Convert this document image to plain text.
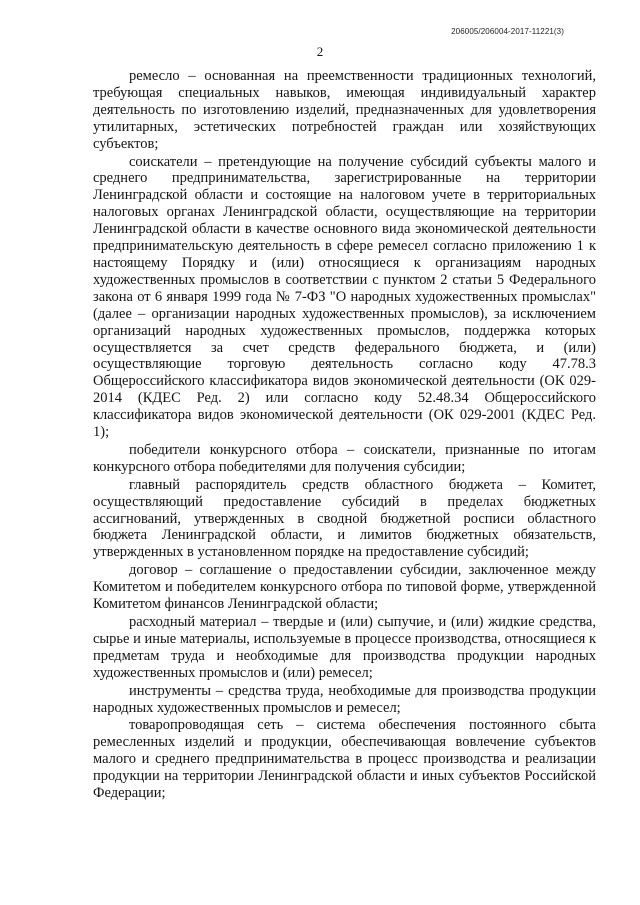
206005/206004-2017-11221(3)
2

ремесло – основанная на преемственности традиционных технологий, требующая специальных навыков, имеющая индивидуальный характер деятельность по изготовлению изделий, предназначенных для удовлетворения утилитарных, эстетических потребностей граждан или хозяйствующих субъектов;

соискатели – претендующие на получение субсидий субъекты малого и среднего предпринимательства, зарегистрированные на территории Ленинградской области и состоящие на налоговом учете в территориальных налоговых органах Ленинградской области, осуществляющие на территории Ленинградской области в качестве основного вида экономической деятельности предпринимательскую деятельность в сфере ремесел согласно приложению 1 к настоящему Порядку и (или) относящиеся к организациям народных художественных промыслов в соответствии с пунктом 2 статьи 5 Федерального закона от 6 января 1999 года № 7-ФЗ "О народных художественных промыслах" (далее – организации народных художественных промыслов), за исключением организаций народных художественных промыслов, поддержка которых осуществляется за счет средств федерального бюджета, и (или) осуществляющие торговую деятельность согласно коду 47.78.3 Общероссийского классификатора видов экономической деятельности (ОК 029-2014 (КДЕС Ред. 2) или согласно коду 52.48.34 Общероссийского классификатора видов экономической деятельности (ОК 029-2001 (КДЕС Ред. 1);

победители конкурсного отбора – соискатели, признанные по итогам конкурсного отбора победителями для получения субсидии;

главный распорядитель средств областного бюджета – Комитет, осуществляющий предоставление субсидий в пределах бюджетных ассигнований, утвержденных в сводной бюджетной росписи областного бюджета Ленинградской области, и лимитов бюджетных обязательств, утвержденных в установленном порядке на предоставление субсидий;

договор – соглашение о предоставлении субсидии, заключенное между Комитетом и победителем конкурсного отбора по типовой форме, утвержденной Комитетом финансов Ленинградской области;

расходный материал – твердые и (или) сыпучие, и (или) жидкие средства, сырье и иные материалы, используемые в процессе производства, относящиеся к предметам труда и необходимые для производства продукции народных художественных промыслов и (или) ремесел;

инструменты – средства труда, необходимые для производства продукции народных художественных промыслов и ремесел;

товаропроводящая сеть – система обеспечения постоянного сбыта ремесленных изделий и продукции, обеспечивающая вовлечение субъектов малого и среднего предпринимательства в процесс производства и реализации продукции на территории Ленинградской области и иных субъектов Российской Федерации;
